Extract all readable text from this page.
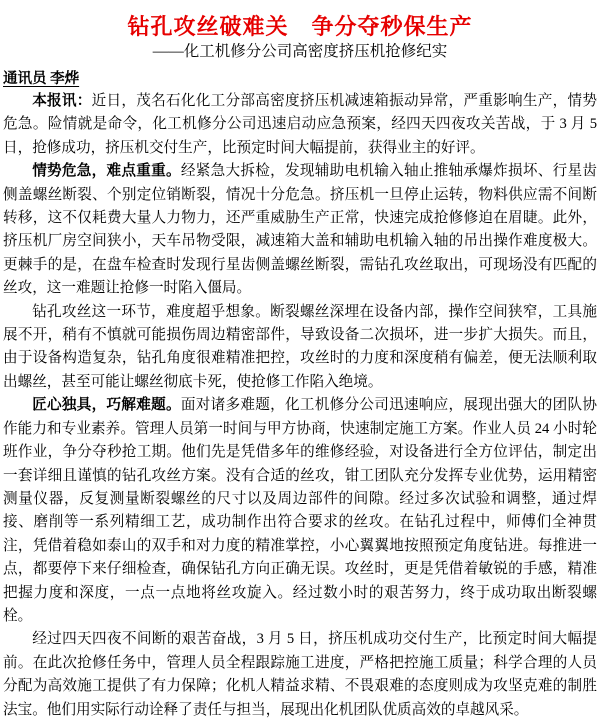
钻孔攻丝破难关　争分夺秒保生产
——化工机修分公司高密度挤压机抢修纪实
通讯员 李烨

本报讯：近日，茂名石化化工分部高密度挤压机减速箱振动异常，严重影响生产，情势危急。险情就是命令，化工机修分公司迅速启动应急预案，经四天四夜攻关苦战，于 3 月 5 日，抢修成功，挤压机交付生产，比预定时间大幅提前，获得业主的好评。

情势危急，难点重重。经紧急大拆检，发现辅助电机输入轴止推轴承爆炸损坏、行星齿侧盖螺丝断裂、个别定位销断裂，情况十分危急。挤压机一旦停止运转，物料供应需不间断转移，这不仅耗费大量人力物力，还严重威胁生产正常，快速完成抢修修迫在眉睫。此外，挤压机厂房空间狭小，天车吊物受限，减速箱大盖和辅助电机输入轴的吊出操作难度极大。更棘手的是，在盘车检查时发现行星齿侧盖螺丝断裂，需钻孔攻丝取出，可现场没有匹配的丝攻，这一难题让抢修一时陷入僵局。

钻孔攻丝这一环节，难度超乎想象。断裂螺丝深埋在设备内部，操作空间狭窄，工具施展不开，稍有不慎就可能损伤周边精密部件，导致设备二次损坏，进一步扩大损失。而且，由于设备构造复杂，钻孔角度很难精准把控，攻丝时的力度和深度稍有偏差，便无法顺利取出螺丝，甚至可能让螺丝彻底卡死，使抢修工作陷入绝境。

匠心独具，巧解难题。面对诸多难题，化工机修分公司迅速响应，展现出强大的团队协作能力和专业素养。管理人员第一时间与甲方协商，快速制定施工方案。作业人员 24 小时轮班作业，争分夺秒抢工期。他们先是凭借多年的维修经验，对设备进行全方位评估，制定出一套详细且谨慎的钻孔攻丝方案。没有合适的丝攻，钳工团队充分发挥专业优势，运用精密测量仪器，反复测量断裂螺丝的尺寸以及周边部件的间隙。经过多次试验和调整，通过焊接、磨削等一系列精细工艺，成功制作出符合要求的丝攻。在钻孔过程中，师傅们全神贯注，凭借着稳如泰山的双手和对力度的精准掌控，小心翼翼地按照预定角度钻进。每推进一点，都要停下来仔细检查，确保钻孔方向正确无误。攻丝时，更是凭借着敏锐的手感，精准把握力度和深度，一点一点地将丝攻旋入。经过数小时的艰苦努力，终于成功取出断裂螺栓。

经过四天四夜不间断的艰苦奋战，3 月 5 日，挤压机成功交付生产，比预定时间大幅提前。在此次抢修任务中，管理人员全程跟踪施工进度，严格把控施工质量；科学合理的人员分配为高效施工提供了有力保障；化机人精益求精、不畏艰难的态度则成为攻坚克难的制胜法宝。他们用实际行动诠释了责任与担当，展现出化机团队优质高效的卓越风采。
